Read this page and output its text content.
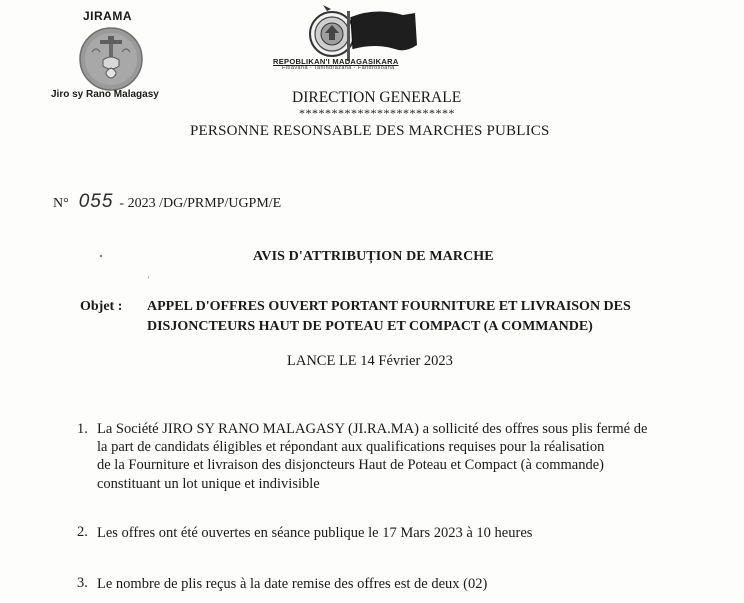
JIRAMA
Jiro sy Rano Malagasy
REPOBLIKAN'I MADAGASIKARA
Fitiavana - Tanindrazana - Fandrosoana
DIRECTION GENERALE
************************
PERSONNE RESONSABLE DES MARCHES PUBLICS
N° 055 - 2023 /DG/PRMP/UGPM/E
AVIS D'ATTRIBUȚION DE MARCHE
Objet : APPEL D'OFFRES OUVERT PORTANT FOURNITURE ET LIVRAISON DES
DISJONCTEURS HAUT DE POTEAU ET COMPACT (A COMMANDE)
LANCE LE 14 Février 2023
1. La Société JIRO SY RANO MALAGASY (JI.RA.MA) a sollicité des offres sous plis fermé de
la part de candidats éligibles et répondant aux qualifications requises pour la réalisation
de la Fourniture et livraison des disjoncteurs Haut de Poteau et Compact (à commande)
constituant un lot unique et indivisible
2. Les offres ont été ouvertes en séance publique le 17 Mars 2023 à 10 heures
3. Le nombre de plis reçus à la date remise des offres est de deux (02)
